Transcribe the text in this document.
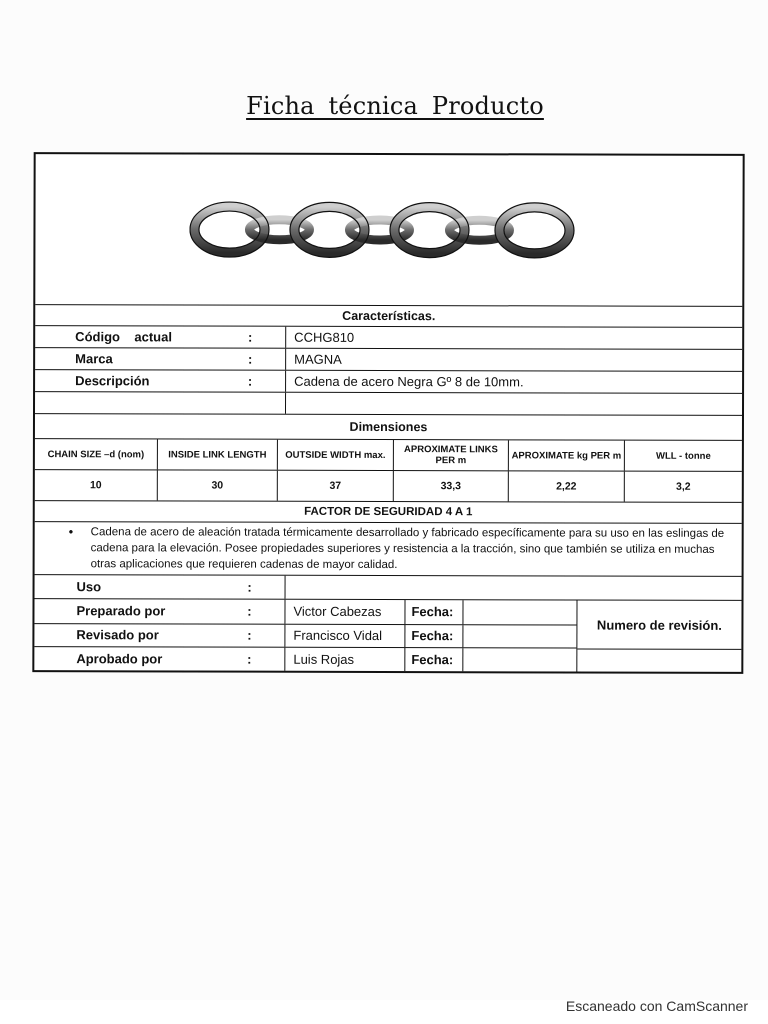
Ficha técnica Producto
Características.
Código    actual	:	CCHG810
Marca	:	MAGNA
Descripción	:	Cadena de acero Negra Gº 8 de 10mm.
Dimensiones
CHAIN SIZE –d (nom)	INSIDE LINK LENGTH	OUTSIDE WIDTH max.	APROXIMATE LINKS PER m	APROXIMATE kg PER m	WLL - tonne
10	30	37	33,3	2,22	3,2
FACTOR DE SEGURIDAD 4 A 1
• Cadena de acero de aleación tratada térmicamente desarrollado y fabricado específicamente para su uso en las eslingas de cadena para la elevación. Posee propiedades superiores y resistencia a la tracción, sino que también se utiliza en muchas otras aplicaciones que requieren cadenas de mayor calidad.
Uso	:
Preparado por	:	Victor Cabezas	Fecha:
Revisado por	:	Francisco Vidal	Fecha:
Aprobado por	:	Luis Rojas	Fecha:
Numero de revisión.
Escaneado con CamScanner
